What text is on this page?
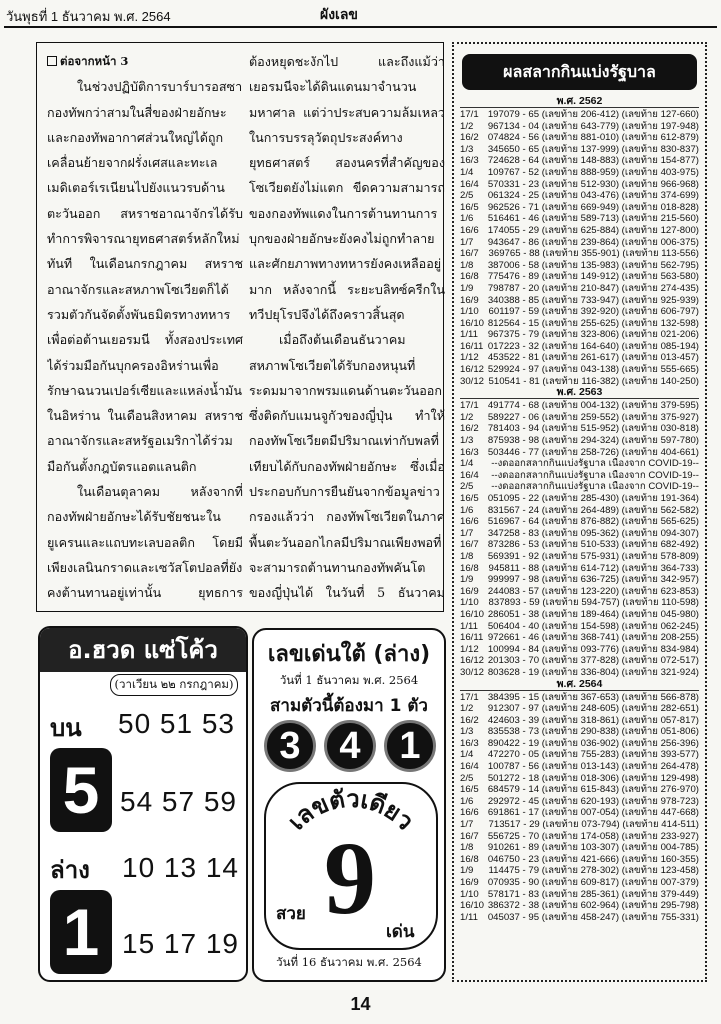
วันพุธที่ 1 ธันวาคม พ.ศ. 2564	ผังเลข

ต่อจากหน้า 3

ในช่วงปฏิบัติการบาร์บารอสซา กองทัพกว่าสามในสี่ของฝ่ายอักษะ และกองทัพอากาศส่วนใหญ่ได้ถูกเคลื่อนย้ายจากฝรั่งเศสและทะเลเมดิเตอร์เรเนียนไปยังแนวรบด้านตะวันออก สหราชอาณาจักรได้รับทำการพิจารณายุทธศาสตร์หลักใหม่ทันที ในเดือนกรกฎาคม สหราชอาณาจักรและสหภาพโซเวียตก็ได้รวมตัวกันจัดตั้งพันธมิตรทางทหารเพื่อต่อต้านเยอรมนี ทั้งสองประเทศได้ร่วมมือกันบุกครองอิหร่านเพื่อรักษาฉนวนเปอร์เซียและแหล่งน้ำมันในอิหร่าน ในเดือนสิงหาคม สหราชอาณาจักรและสหรัฐอเมริกาได้ร่วมมือกันตั้งกฎบัตรแอตแลนติก

ในเดือนตุลาคม หลังจากที่กองทัพฝ่ายอักษะได้รับชัยชนะในยูเครนและแถบทะเลบอลติก โดยมีเพียงเลนินกราดและเซวัสโตปอลที่ยังคงต้านทานอยู่เท่านั้น ยุทธการ

ต้องหยุดชะงักไป และถึงแม้ว่าเยอรมนีจะได้ดินแดนมาจำนวนมหาศาล แต่ว่าประสบความล้มเหลวในการบรรลุวัตถุประสงค์ทางยุทธศาสตร์ สองนครที่สำคัญของโซเวียตยังไม่แตก ขีดความสามารถของกองทัพแดงในการต้านทานการบุกของฝ่ายอักษะยังคงไม่ถูกทำลาย และศักยภาพทางทหารยังคงเหลืออยู่มาก หลังจากนี้ ระยะบลิทซ์ครีกในทวีปยุโรปจึงได้ถึงคราวสิ้นสุด

เมื่อถึงต้นเดือนธันวาคม สหภาพโซเวียตได้รับกองหนุนที่ระดมมาจากพรมแดนด้านตะวันออกซึ่งติดกับแมนจูกัวของญี่ปุ่น ทำให้กองทัพโซเวียตมีปริมาณเท่ากับพลที่เทียบได้กับกองทัพฝ่ายอักษะ ซึ่งเมื่อประกอบกับการยืนยันจากข้อมูลข่าวกรองแล้วว่า กองทัพโซเวียตในภาคพื้นตะวันออกไกลมีปริมาณเพียงพอที่จะสามารถต้านทานกองทัพคันโตของญี่ปุ่นได้ ในวันที่ 5 ธันวาคม

ผลสลากกินแบ่งรัฐบาล
พ.ศ. 2562
17/1 197079 - 65 (เลขท้าย 206-412) (เลขท้าย 127-660)
1/2	967134 - 04 (เลขท้าย 643-779) (เลขท้าย 197-948)
16/2 074824 - 56 (เลขท้าย 881-010) (เลขท้าย 612-879)
1/3	345650 - 65 (เลขท้าย 137-999) (เลขท้าย 830-837)
16/3 724628 - 64 (เลขท้าย 148-883) (เลขท้าย 154-877)
1/4	109767 - 52 (เลขท้าย 888-959) (เลขท้าย 403-975)
16/4 570331 - 23 (เลขท้าย 512-930) (เลขท้าย 966-968)
2/5	061324 - 25 (เลขท้าย 043-476) (เลขท้าย 374-699)
16/5 962526 - 71 (เลขท้าย 669-949) (เลขท้าย 018-828)
1/6	516461 - 46 (เลขท้าย 589-713) (เลขท้าย 215-560)
16/6 174055 - 29 (เลขท้าย 625-884) (เลขท้าย 127-800)
1/7	943647 - 86 (เลขท้าย 239-864) (เลขท้าย 006-375)
16/7	369765 - 88 (เลขท้าย 355-901) (เลขท้าย 113-556)
1/8	387006 - 58 (เลขท้าย 135-983) (เลขท้าย 562-795)
16/8 775476 - 89 (เลขท้าย 149-912) (เลขท้าย 563-580)
1/9	798787 - 20 (เลขท้าย 210-847) (เลขท้าย 274-435)
16/9 340388 - 85 (เลขท้าย 733-947) (เลขท้าย 925-939)
1/10	601197 - 59 (เลขท้าย 392-920) (เลขท้าย 606-797)
16/10 812564 - 15 (เลขท้าย 255-625) (เลขท้าย 132-598)
1/11	967375 - 79 (เลขท้าย 323-806) (เลขท้าย 021-206)
16/11 017223 - 32 (เลขท้าย 164-640) (เลขท้าย 085-194)
1/12 453522 - 81 (เลขท้าย 261-617) (เลขท้าย 013-457)
16/12 529924 - 97 (เลขท้าย 043-138) (เลขท้าย 555-665)
30/12 510541 - 81 (เลขท้าย 116-382) (เลขท้าย 140-250)
พ.ศ. 2563
17/1 491774 - 68 (เลขท้าย 004-132) (เลขท้าย 379-595)
1/2	589227 - 06 (เลขท้าย 259-552) (เลขท้าย 375-927)
16/2 781403 - 94 (เลขท้าย 515-952) (เลขท้าย 030-818)
1/3	875938 - 98 (เลขท้าย 294-324) (เลขท้าย 597-780)
16/3 503446 - 77 (เลขท้าย 258-726) (เลขท้าย 404-661)
1/4	--งดออกสลากกินแบ่งรัฐบาล เนื่องจาก COVID-19--
16/4	--งดออกสลากกินแบ่งรัฐบาล เนื่องจาก COVID-19--
2/5	--งดออกสลากกินแบ่งรัฐบาล เนื่องจาก COVID-19--
16/5 051095 - 22 (เลขท้าย 285-430) (เลขท้าย 191-364)
1/6	831567 - 24 (เลขท้าย 264-489) (เลขท้าย 562-582)
16/6 516967 - 64 (เลขท้าย 876-882) (เลขท้าย 565-625)
1/7	347258 - 83 (เลขท้าย 095-362) (เลขท้าย 094-307)
16/7 873286 - 53 (เลขท้าย 510-533) (เลขท้าย 682-492)
1/8	569391 - 92 (เลขท้าย 575-931) (เลขท้าย 578-809)
16/8	945811 - 88 (เลขท้าย 614-712) (เลขท้าย 364-733)
1/9	999997 - 98 (เลขท้าย 636-725) (เลขท้าย 342-957)
16/9 244083 - 57 (เลขท้าย 123-220) (เลขท้าย 623-853)
1/10	837893 - 59 (เลขท้าย 594-757) (เลขท้าย 110-598)
16/10 286051 - 38 (เลขท้าย 189-464) (เลขท้าย 045-980)
1/11	506404 - 40 (เลขท้าย 154-598) (เลขท้าย 062-245)
16/11 972661 - 46 (เลขท้าย 368-741) (เลขท้าย 208-255)
1/12 100994 - 84 (เลขท้าย 093-776) (เลขท้าย 834-984)
16/12 201303 - 70 (เลขท้าย 377-828) (เลขท้าย 072-517)
30/12 803628 - 19 (เลขท้าย 336-804) (เลขท้าย 321-924)
พ.ศ. 2564
17/1 384395 - 15 (เลขท้าย 367-653) (เลขท้าย 566-878)
1/2	912307 - 97 (เลขท้าย 248-605) (เลขท้าย 282-651)
16/2 424603 - 39 (เลขท้าย 318-861) (เลขท้าย 057-817)
1/3	835538 - 73 (เลขท้าย 290-838) (เลขท้าย 051-806)
16/3 890422 - 19 (เลขท้าย 036-902) (เลขท้าย 256-396)
1/4	472270 - 05 (เลขท้าย 755-283) (เลขท้าย 393-577)
16/4 100787 - 56 (เลขท้าย 013-143) (เลขท้าย 264-478)
2/5	501272 - 18 (เลขท้าย 018-306) (เลขท้าย 129-498)
16/5 684579 - 14 (เลขท้าย 615-843) (เลขท้าย 276-970)
1/6	292972 - 45 (เลขท้าย 620-193) (เลขท้าย 978-723)
16/6 691861 - 17 (เลขท้าย 007-054) (เลขท้าย 447-668)
1/7	713517 - 29 (เลขท้าย 073-794) (เลขท้าย 414-511)
16/7 556725 - 70 (เลขท้าย 174-058) (เลขท้าย 233-927)
1/8	910261 - 89 (เลขท้าย 103-307) (เลขท้าย 004-785)
16/8 046750 - 23 (เลขท้าย 421-666) (เลขท้าย 160-355)
1/9	114475 - 79 (เลขท้าย 278-302) (เลขท้าย 123-458)
16/9 070935 - 90 (เลขท้าย 609-817) (เลขท้าย 007-379)
1/10 578171 - 83 (เลขท้าย 285-361) (เลขท้าย 379-449)
16/10 386372 - 38 (เลขท้าย 602-964) (เลขท้าย 295-798)
1/11	045037 - 95 (เลขท้าย 458-247) (เลขท้าย 755-331)
อ.ฮวด แซ่โค้ว
(วาเวียน ๒๒ กรกฎาคม)
บน 50 51 53
5 54 57 59
ล่าง 10 13 14
1 15 17 19
เลขเด่นใต้ (ล่าง)
วันที่ 1 ธันวาคม พ.ศ. 2564
สามตัวนี้ต้องมา 1 ตัว
3	4	1
เลขตัวเดียว
9
สวย
เด่น
วันที่ 16 ธันวาคม พ.ศ. 2564
14
